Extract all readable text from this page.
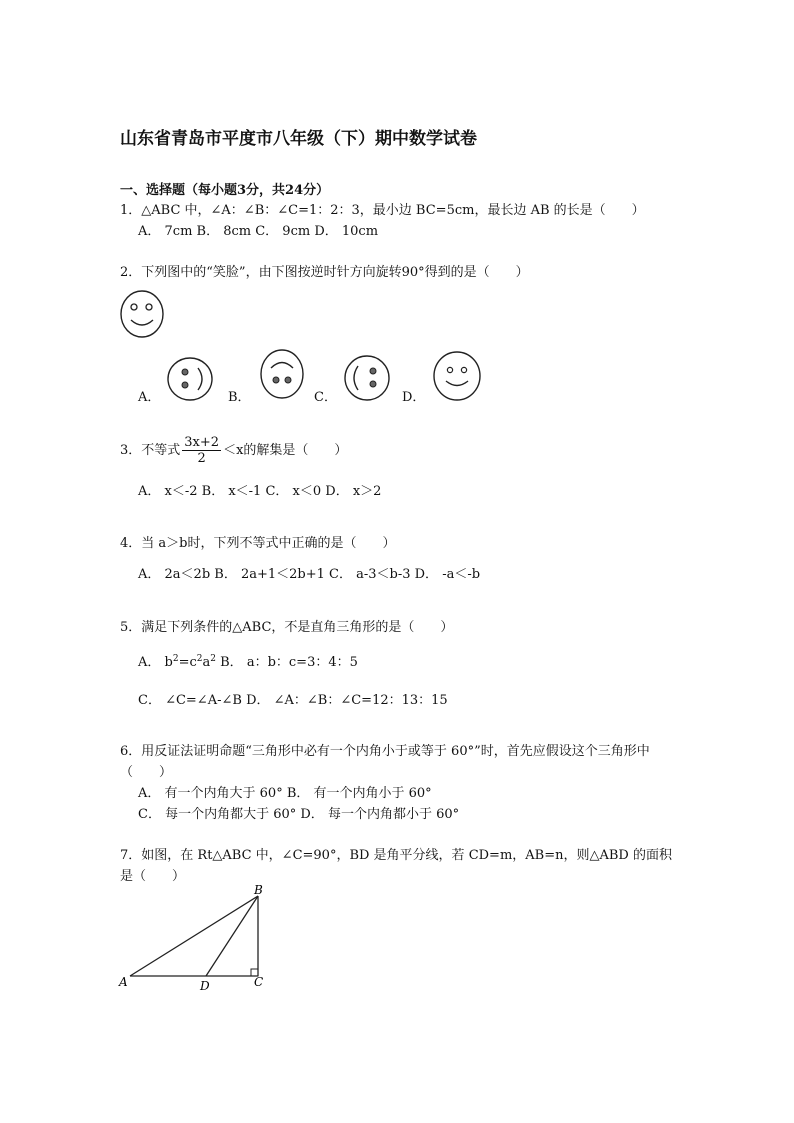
山东省青岛市平度市八年级（下）期中数学试卷
一、选择题（每小题3分，共24分）
1．△ABC 中，∠A：∠B：∠C=1：2：3，最小边 BC=5cm，最长边 AB 的长是（　　）
A． 7cm B． 8cm C． 9cm D． 10cm
2．下列图中的“笑脸”，由下图按逆时针方向旋转90°得到的是（　　）
A．	B．	C．	D．
3．不等式 $\frac{3x+2}{2} <x$的解集是（　　）
A． x＜-2 B． x＜-1 C． x＜0 D． x＞2
4．当 a＞b时，下列不等式中正确的是（　　）
A． 2a＜2b B． 2a+1＜2b+1 C． a-3＜b-3 D． -a＜-b
5．满足下列条件的△ABC，不是直角三角形的是（　　）
A． $b^2=c^2a^2$ B． a：b：c=3：4：5
C． ∠C=∠A-∠B D． ∠A：∠B：∠C=12：13：15
6．用反证法证明命题“三角形中必有一个内角小于或等于 60°”时，首先应假设这个三角形中
（　　）
A． 有一个内角大于 60° B． 有一个内角小于 60°
C． 每一个内角都大于 60° D． 每一个内角都小于 60°
7．如图，在 Rt△ABC 中，∠C=90°，BD 是角平分线，若 CD=m，AB=n，则△ABD 的面积
是（　　）
B
A	D	C
